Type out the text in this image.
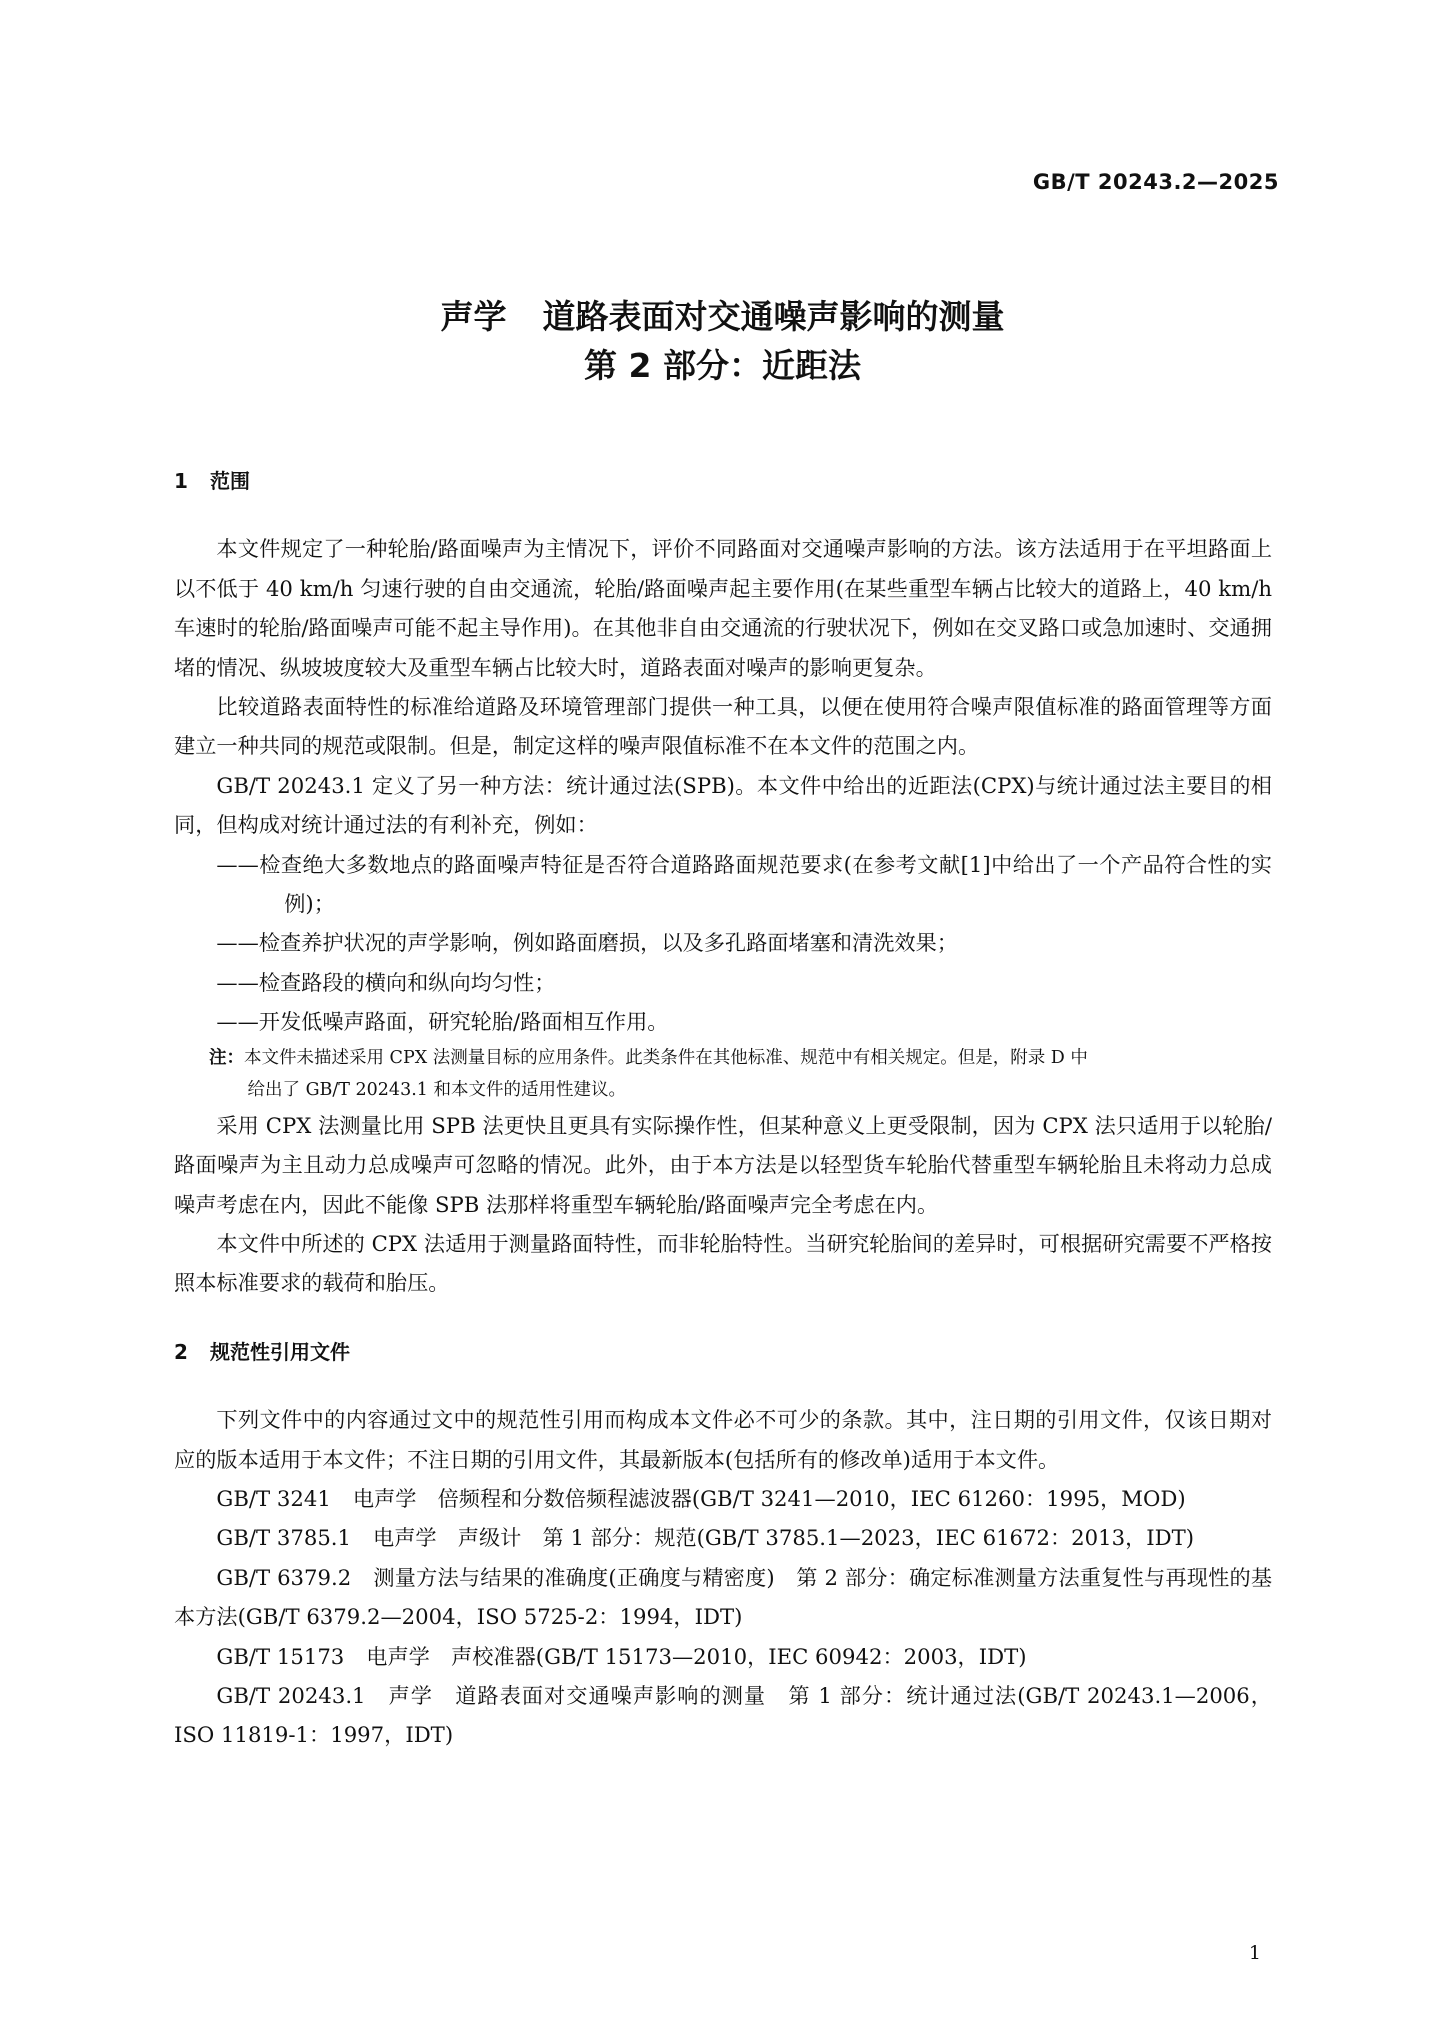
GB/T 20243.2—2025
声学 道路表面对交通噪声影响的测量
第 2 部分：近距法
1 范围

本文件规定了一种轮胎/路面噪声为主情况下，评价不同路面对交通噪声影响的方法。该方法适用于在平坦路面上以不低于 40 km/h 匀速行驶的自由交通流，轮胎/路面噪声起主要作用(在某些重型车辆占比较大的道路上，40 km/h 车速时的轮胎/路面噪声可能不起主导作用)。在其他非自由交通流的行驶状况下，例如在交叉路口或急加速时、交通拥堵的情况、纵坡坡度较大及重型车辆占比较大时，道路表面对噪声的影响更复杂。

比较道路表面特性的标准给道路及环境管理部门提供一种工具，以便在使用符合噪声限值标准的路面管理等方面建立一种共同的规范或限制。但是，制定这样的噪声限值标准不在本文件的范围之内。

GB/T 20243.1 定义了另一种方法：统计通过法(SPB)。本文件中给出的近距法(CPX)与统计通过法主要目的相同，但构成对统计通过法的有利补充，例如：

——检查绝大多数地点的路面噪声特征是否符合道路路面规范要求(在参考文献[1]中给出了一个产品符合性的实例)；

——检查养护状况的声学影响，例如路面磨损，以及多孔路面堵塞和清洗效果；

——检查路段的横向和纵向均匀性；

——开发低噪声路面，研究轮胎/路面相互作用。

注：本文件未描述采用 CPX 法测量目标的应用条件。此类条件在其他标准、规范中有相关规定。但是，附录 D 中
给出了 GB/T 20243.1 和本文件的适用性建议。

采用 CPX 法测量比用 SPB 法更快且更具有实际操作性，但某种意义上更受限制，因为 CPX 法只适用于以轮胎/路面噪声为主且动力总成噪声可忽略的情况。此外，由于本方法是以轻型货车轮胎代替重型车辆轮胎且未将动力总成噪声考虑在内，因此不能像 SPB 法那样将重型车辆轮胎/路面噪声完全考虑在内。

本文件中所述的 CPX 法适用于测量路面特性，而非轮胎特性。当研究轮胎间的差异时，可根据研究需要不严格按照本标准要求的载荷和胎压。

2 规范性引用文件

下列文件中的内容通过文中的规范性引用而构成本文件必不可少的条款。其中，注日期的引用文件，仅该日期对应的版本适用于本文件；不注日期的引用文件，其最新版本(包括所有的修改单)适用于本文件。

GB/T 3241 电声学　倍频程和分数倍频程滤波器(GB/T 3241—2010，IEC 61260：1995，MOD)

GB/T 3785.1 电声学　声级计　第 1 部分：规范(GB/T 3785.1—2023，IEC 61672：2013，IDT)

GB/T 6379.2 测量方法与结果的准确度(正确度与精密度)　第 2 部分：确定标准测量方法重复性与再现性的基本方法(GB/T 6379.2—2004，ISO 5725-2：1994，IDT)

GB/T 15173 电声学　声校准器(GB/T 15173—2010，IEC 60942：2003，IDT)

GB/T 20243.1 声学　道路表面对交通噪声影响的测量　第 1 部分：统计通过法(GB/T 20243.1—2006，ISO 11819-1：1997，IDT)

1
